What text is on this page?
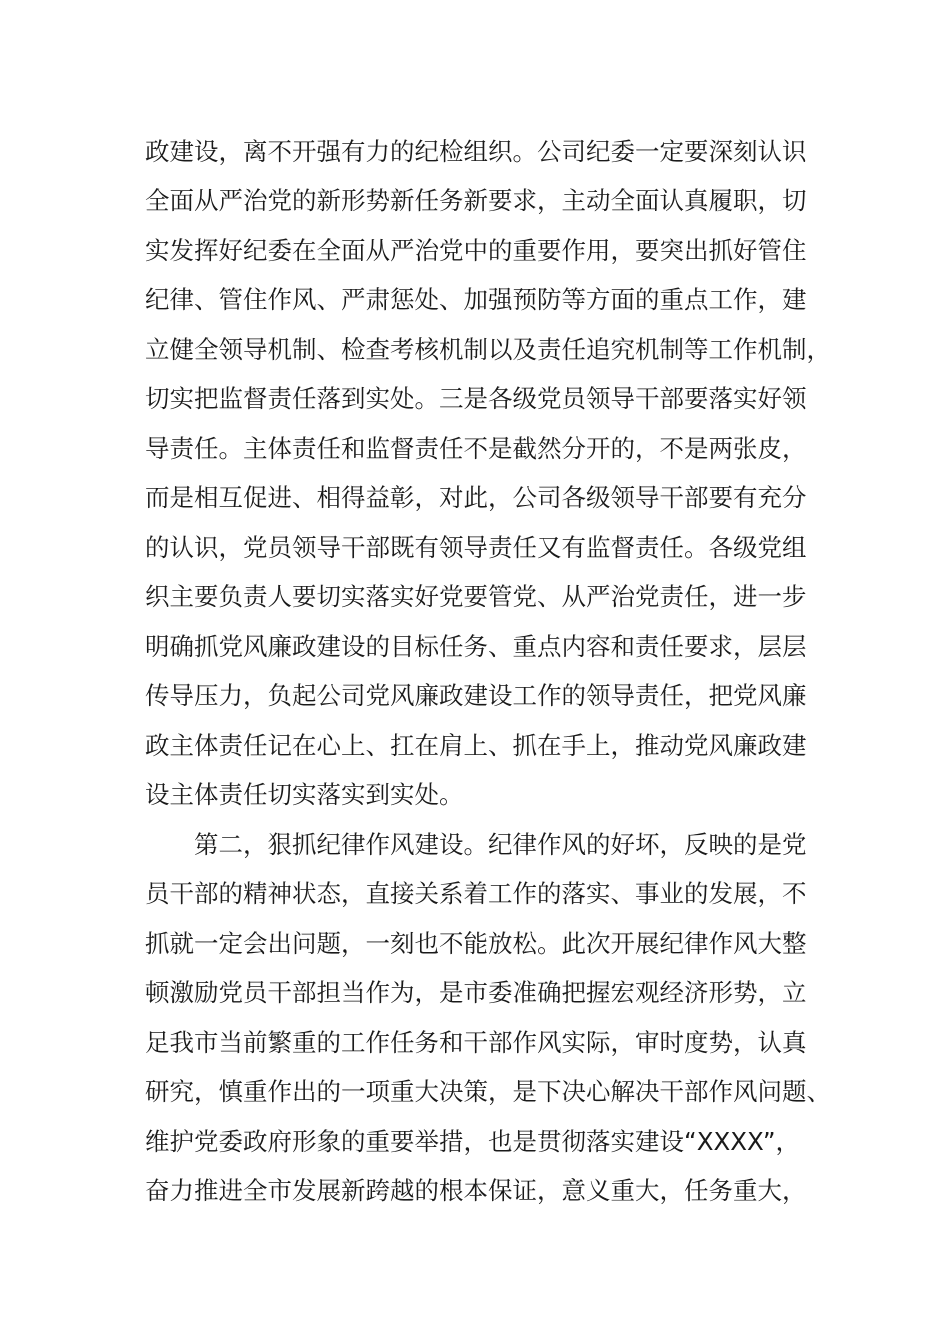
政建设，离不开强有力的纪检组织。公司纪委一定要深刻认识
全面从严治党的新形势新任务新要求，主动全面认真履职，切
实发挥好纪委在全面从严治党中的重要作用，要突出抓好管住
纪律、管住作风、严肃惩处、加强预防等方面的重点工作，建
立健全领导机制、检查考核机制以及责任追究机制等工作机制，
切实把监督责任落到实处。三是各级党员领导干部要落实好领
导责任。主体责任和监督责任不是截然分开的，不是两张皮，
而是相互促进、相得益彰，对此，公司各级领导干部要有充分
的认识，党员领导干部既有领导责任又有监督责任。各级党组
织主要负责人要切实落实好党要管党、从严治党责任，进一步
明确抓党风廉政建设的目标任务、重点内容和责任要求，层层
传导压力，负起公司党风廉政建设工作的领导责任，把党风廉
政主体责任记在心上、扛在肩上、抓在手上，推动党风廉政建
设主体责任切实落实到实处。
第二，狠抓纪律作风建设。纪律作风的好坏，反映的是党
员干部的精神状态，直接关系着工作的落实、事业的发展，不
抓就一定会出问题，一刻也不能放松。此次开展纪律作风大整
顿激励党员干部担当作为，是市委准确把握宏观经济形势，立
足我市当前繁重的工作任务和干部作风实际，审时度势，认真
研究，慎重作出的一项重大决策，是下决心解决干部作风问题、
维护党委政府形象的重要举措，也是贯彻落实建设“XXXX”，
奋力推进全市发展新跨越的根本保证，意义重大，任务重大，
